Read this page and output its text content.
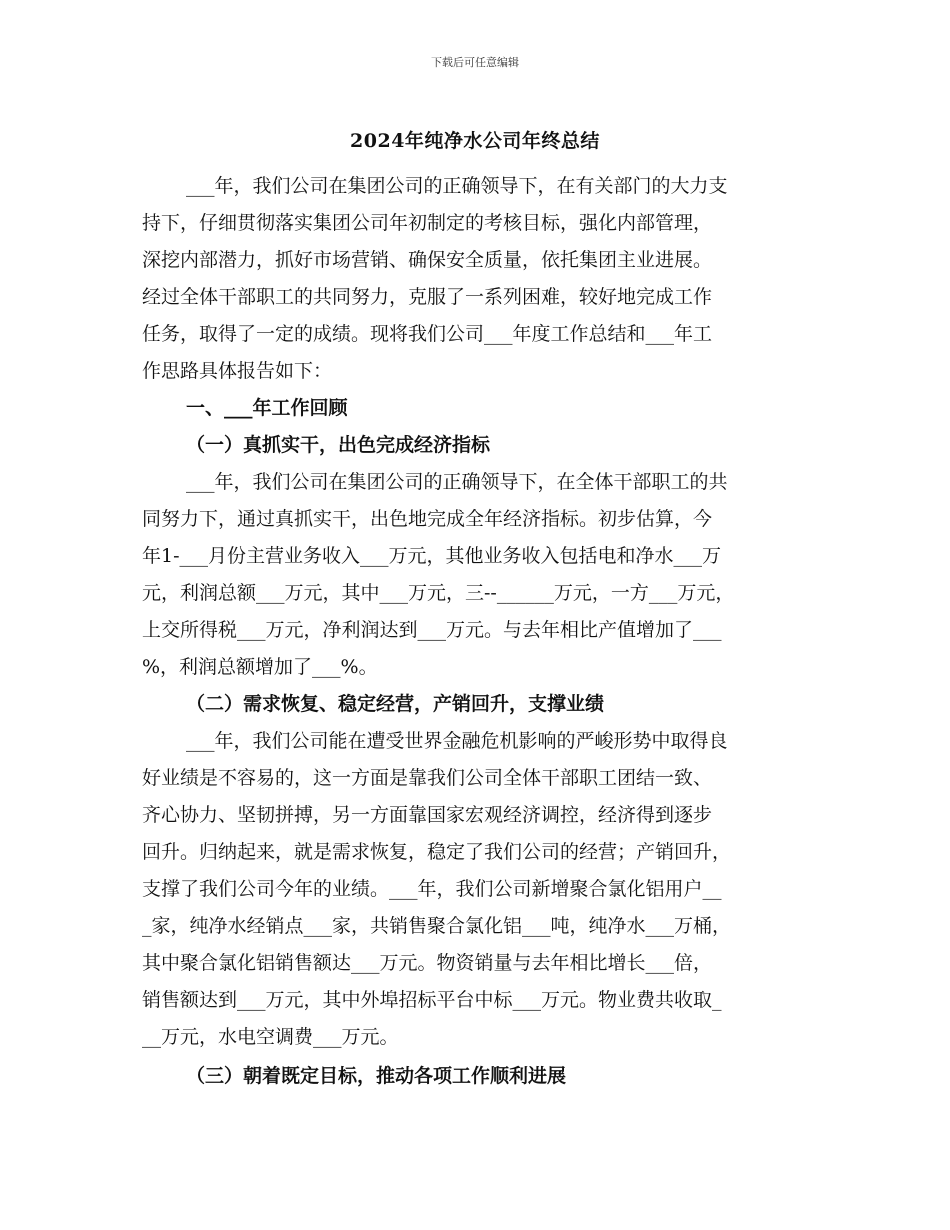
下载后可任意编辑
2024年纯净水公司年终总结
___年，我们公司在集团公司的正确领导下，在有关部门的大力支
持下，仔细贯彻落实集团公司年初制定的考核目标，强化内部管理，
深挖内部潜力，抓好市场营销、确保安全质量，依托集团主业进展。
经过全体干部职工的共同努力，克服了一系列困难，较好地完成工作
任务，取得了一定的成绩。现将我们公司___年度工作总结和___年工
作思路具体报告如下：
一、___年工作回顾
（一）真抓实干，出色完成经济指标
___年，我们公司在集团公司的正确领导下，在全体干部职工的共
同努力下，通过真抓实干，出色地完成全年经济指标。初步估算，今
年1-___月份主营业务收入___万元，其他业务收入包括电和净水___万
元，利润总额___万元，其中___万元，三--______万元，一方___万元，
上交所得税___万元，净利润达到___万元。与去年相比产值增加了___
%，利润总额增加了___%。
（二）需求恢复、稳定经营，产销回升，支撑业绩
___年，我们公司能在遭受世界金融危机影响的严峻形势中取得良
好业绩是不容易的，这一方面是靠我们公司全体干部职工团结一致、
齐心协力、坚韧拼搏，另一方面靠国家宏观经济调控，经济得到逐步
回升。归纳起来，就是需求恢复，稳定了我们公司的经营；产销回升，
支撑了我们公司今年的业绩。___年，我们公司新增聚合氯化铝用户__
_家，纯净水经销点___家，共销售聚合氯化铝___吨，纯净水___万桶，
其中聚合氯化铝销售额达___万元。物资销量与去年相比增长___倍，
销售额达到___万元，其中外埠招标平台中标___万元。物业费共收取_
__万元，水电空调费___万元。
（三）朝着既定目标，推动各项工作顺利进展
